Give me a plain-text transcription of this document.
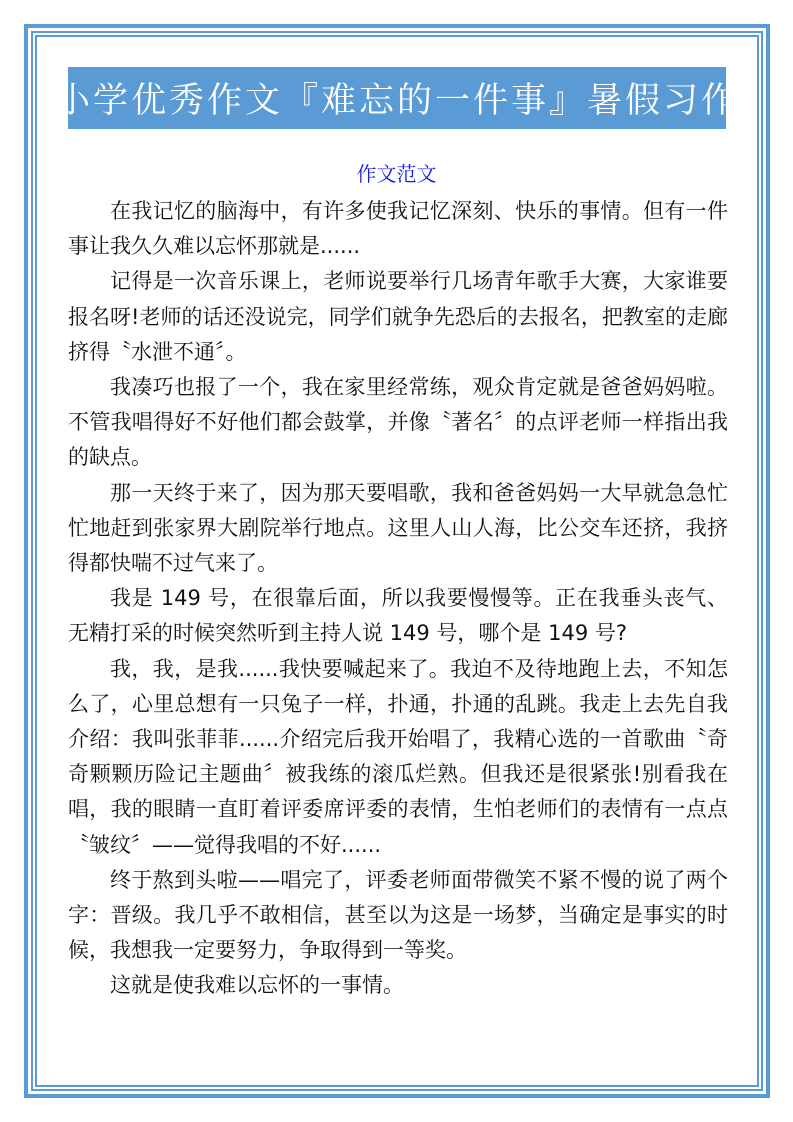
小学优秀作文『难忘的一件事』暑假习作
作文范文

在我记忆的脑海中，有许多使我记忆深刻、快乐的事情。但有一件事让我久久难以忘怀那就是......

记得是一次音乐课上，老师说要举行几场青年歌手大赛，大家谁要报名呀!老师的话还没说完，同学们就争先恐后的去报名，把教室的走廊挤得〝水泄不通〞。

我凑巧也报了一个，我在家里经常练，观众肯定就是爸爸妈妈啦。不管我唱得好不好他们都会鼓掌，并像〝著名〞的点评老师一样指出我的缺点。

那一天终于来了，因为那天要唱歌，我和爸爸妈妈一大早就急急忙忙地赶到张家界大剧院举行地点。这里人山人海，比公交车还挤，我挤得都快喘不过气来了。

我是 149 号，在很靠后面，所以我要慢慢等。正在我垂头丧气、无精打采的时候突然听到主持人说 149 号，哪个是 149 号?

我，我，是我......我快要喊起来了。我迫不及待地跑上去，不知怎么了，心里总想有一只兔子一样，扑通，扑通的乱跳。我走上去先自我介绍：我叫张菲菲......介绍完后我开始唱了，我精心选的一首歌曲〝奇奇颗颗历险记主题曲〞被我练的滚瓜烂熟。但我还是很紧张!别看我在唱，我的眼睛一直盯着评委席评委的表情，生怕老师们的表情有一点点〝皱纹〞——觉得我唱的不好......

终于熬到头啦——唱完了，评委老师面带微笑不紧不慢的说了两个字：晋级。我几乎不敢相信，甚至以为这是一场梦，当确定是事实的时候，我想我一定要努力，争取得到一等奖。

这就是使我难以忘怀的一事情。
